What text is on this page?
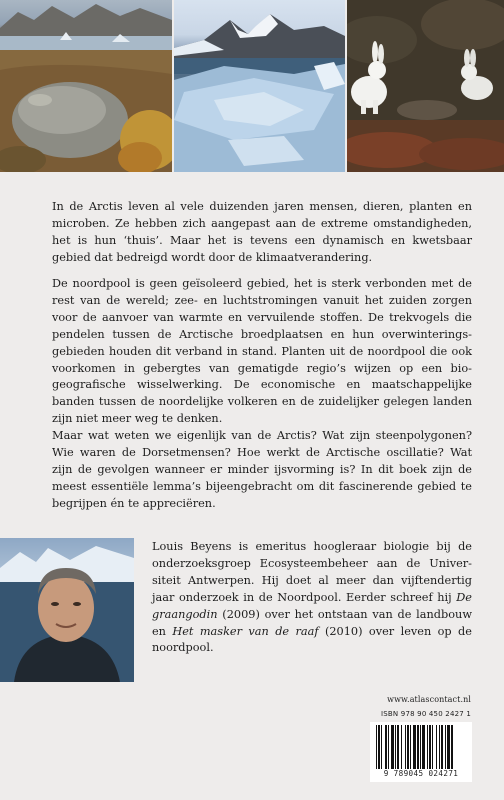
In de Arctis leven al vele duizenden jaren mensen, dieren, planten en microben. Ze hebben zich aangepast aan de extreme omstandigheden, het is hun ‘thuis’. Maar het is tevens een dynamisch en kwetsbaar gebied dat bedreigd wordt door de klimaatverandering.

De noordpool is geen geïsoleerd gebied, het is sterk verbonden met de rest van de wereld; zee- en luchtstromingen vanuit het zuiden zorgen voor de aanvoer van warmte en vervuilende stoffen. De trekvogels die pendelen tussen de Arctische broedplaatsen en hun overwinteringsgebieden houden dit verband in stand. Planten uit de noordpool die ook voorkomen in gebergtes van gematigde regio’s wijzen op een biogeografische wisselwerking. De economische en maatschappelijke banden tussen de noordelijke volkeren en de zuidelijker gelegen landen zijn niet meer weg te denken.

Maar wat weten we eigenlijk van de Arctis? Wat zijn steenpolygonen? Wie waren de Dorsetmensen? Hoe werkt de Arctische oscillatie? Wat zijn de gevolgen wanneer er minder ijsvorming is? In dit boek zijn de meest essentiële lemma’s bijeengebracht om dit fascinerende gebied te begrijpen én te appreciëren.

Louis Beyens is emeritus hoogleraar biologie bij de onderzoeksgroep Ecosysteembeheer aan de Universiteit Antwerpen. Hij doet al meer dan vijftendertig jaar onderzoek in de Noordpool. Eerder schreef hij De graangodin (2009) over het ontstaan van de landbouw en Het masker van de raaf (2010) over leven op de noordpool.

www.atlascontact.nl
ISBN 978 90 450 2427 1
9 789045 024271
